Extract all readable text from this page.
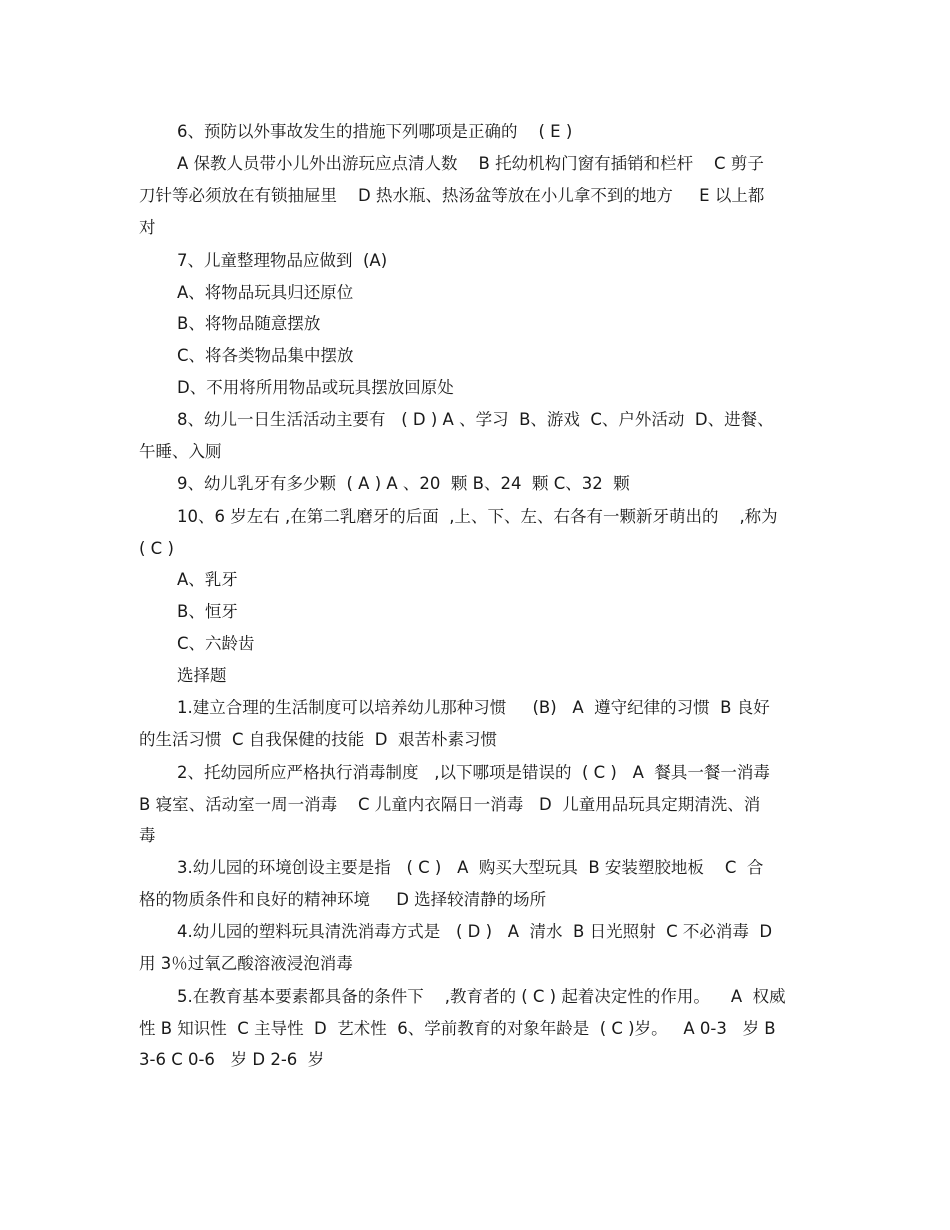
6、预防以外事故发生的措施下列哪项是正确的    ( E )

A 保教人员带小儿外出游玩应点清人数    B 托幼机构门窗有插销和栏杆    C 剪子

刀针等必须放在有锁抽屉里    D 热水瓶、热汤盆等放在小儿拿不到的地方     E 以上都

对

7、儿童整理物品应做到  (A)

A、将物品玩具归还原位

B、将物品随意摆放

C、将各类物品集中摆放

D、不用将所用物品或玩具摆放回原处

8、幼儿一日生活活动主要有   ( D ) A 、学习  B、游戏  C、户外活动  D、进餐、

午睡、入厕

9、幼儿乳牙有多少颗  ( A ) A 、20  颗 B、24  颗 C、32  颗

10、6 岁左右 ,在第二乳磨牙的后面  ,上、下、左、右各有一颗新牙萌出的    ,称为

( C )

A、乳牙

B、恒牙

C、六龄齿

选择题

1.建立合理的生活制度可以培养幼儿那种习惯     (B)   A  遵守纪律的习惯  B 良好

的生活习惯  C 自我保健的技能  D  艰苦朴素习惯

2、托幼园所应严格执行消毒制度   ,以下哪项是错误的  ( C )   A  餐具一餐一消毒

B 寝室、活动室一周一消毒    C 儿童内衣隔日一消毒   D  儿童用品玩具定期清洗、消

毒

3.幼儿园的环境创设主要是指   ( C )   A  购买大型玩具  B 安装塑胶地板    C  合

格的物质条件和良好的精神环境     D 选择较清静的场所

4.幼儿园的塑料玩具清洗消毒方式是   ( D )   A  清水  B 日光照射  C 不必消毒  D

用 3％过氧乙酸溶液浸泡消毒

5.在教育基本要素都具备的条件下    ,教育者的 ( C ) 起着决定性的作用。    A  权威

性 B 知识性  C 主导性  D  艺术性  6、学前教育的对象年龄是  ( C )岁。   A 0-3   岁 B

3-6 C 0-6   岁 D 2-6  岁
